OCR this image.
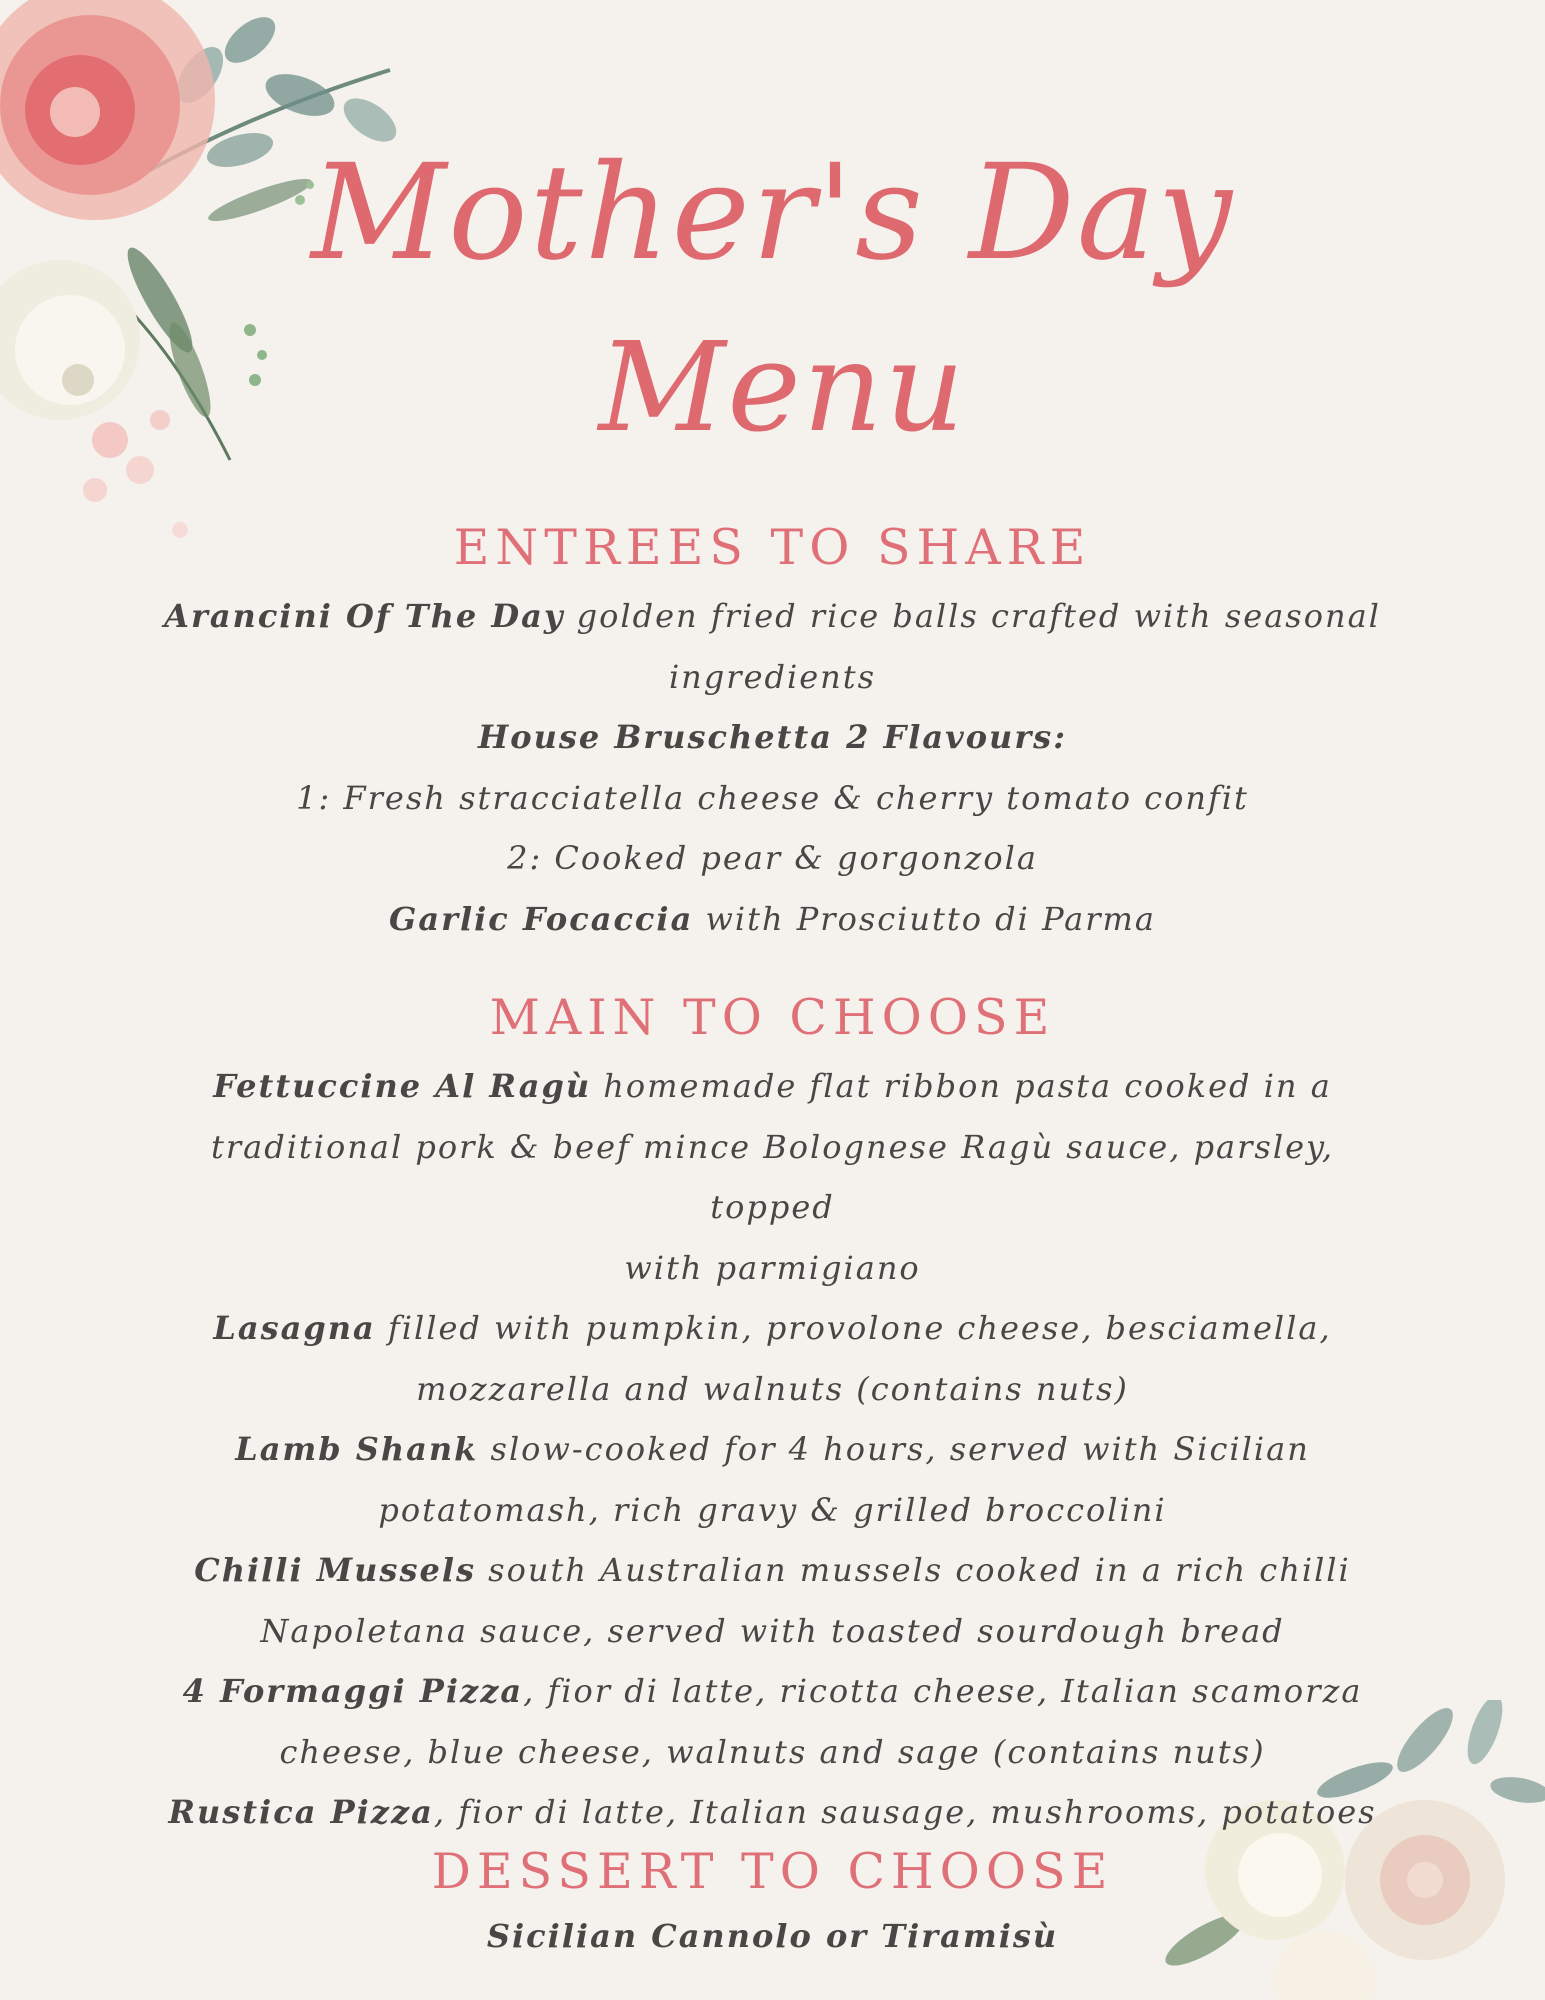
Mother's Day
Menu
ENTREES TO SHARE

Arancini Of The Day golden fried rice balls crafted with seasonal

ingredients

House Bruschetta 2 Flavours:

1: Fresh stracciatella cheese & cherry tomato confit

2: Cooked pear & gorgonzola

Garlic Focaccia with Prosciutto di Parma

MAIN TO CHOOSE

Fettuccine Al Ragù homemade flat ribbon pasta cooked in a

traditional pork & beef mince Bolognese Ragù sauce, parsley, topped

with parmigiano

Lasagna filled with pumpkin, provolone cheese, besciamella,

mozzarella and walnuts (contains nuts)

Lamb Shank slow-cooked for 4 hours, served with Sicilian

potatomash, rich gravy & grilled broccolini

Chilli Mussels south Australian mussels cooked in a rich chilli

Napoletana sauce, served with toasted sourdough bread

4 Formaggi Pizza, fior di latte, ricotta cheese, Italian scamorza

cheese, blue cheese, walnuts and sage (contains nuts)

Rustica Pizza, fior di latte, Italian sausage, mushrooms, potatoes

DESSERT TO CHOOSE

Sicilian Cannolo or Tiramisù
